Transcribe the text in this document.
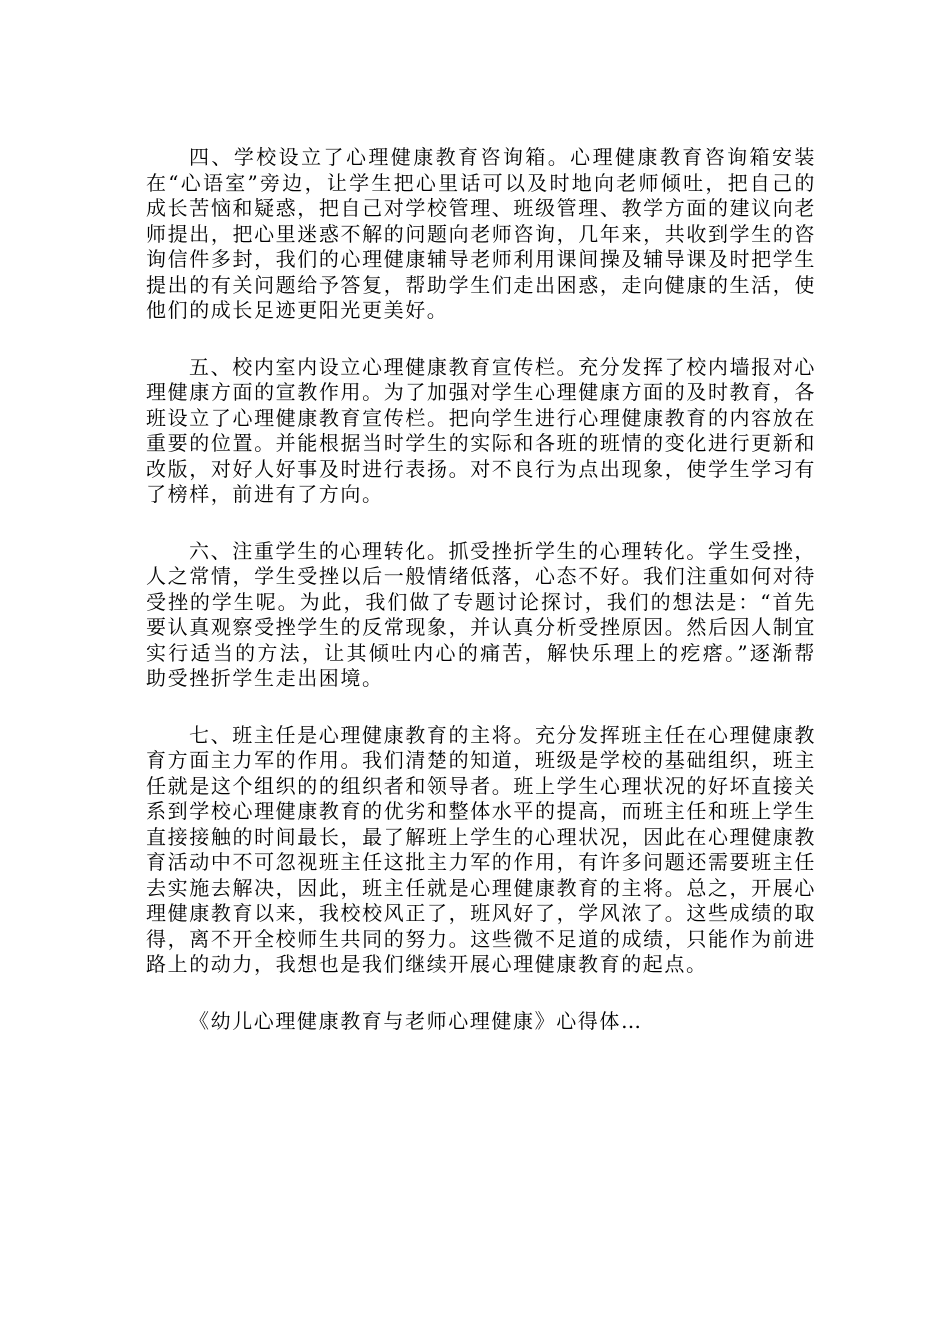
四、学校设立了心理健康教育咨询箱。心理健康教育咨询箱安装在“心语室”旁边，让学生把心里话可以及时地向老师倾吐，把自己的成长苦恼和疑惑，把自己对学校管理、班级管理、教学方面的建议向老师提出，把心里迷惑不解的问题向老师咨询，几年来，共收到学生的咨询信件多封，我们的心理健康辅导老师利用课间操及辅导课及时把学生提出的有关问题给予答复，帮助学生们走出困惑，走向健康的生活，使他们的成长足迹更阳光更美好。

五、校内室内设立心理健康教育宣传栏。充分发挥了校内墙报对心理健康方面的宣教作用。为了加强对学生心理健康方面的及时教育，各班设立了心理健康教育宣传栏。把向学生进行心理健康教育的内容放在重要的位置。并能根据当时学生的实际和各班的班情的变化进行更新和改版，对好人好事及时进行表扬。对不良行为点出现象，使学生学习有了榜样，前进有了方向。

六、注重学生的心理转化。抓受挫折学生的心理转化。学生受挫，人之常情，学生受挫以后一般情绪低落，心态不好。我们注重如何对待受挫的学生呢。为此，我们做了专题讨论探讨，我们的想法是：“首先要认真观察受挫学生的反常现象，并认真分析受挫原因。然后因人制宜实行适当的方法，让其倾吐内心的痛苦，解快乐理上的疙瘩。”逐渐帮助受挫折学生走出困境。

七、班主任是心理健康教育的主将。充分发挥班主任在心理健康教育方面主力军的作用。我们清楚的知道，班级是学校的基础组织，班主任就是这个组织的的组织者和领导者。班上学生心理状况的好坏直接关系到学校心理健康教育的优劣和整体水平的提高，而班主任和班上学生直接接触的时间最长，最了解班上学生的心理状况，因此在心理健康教育活动中不可忽视班主任这批主力军的作用，有许多问题还需要班主任去实施去解决，因此，班主任就是心理健康教育的主将。总之，开展心理健康教育以来，我校校风正了，班风好了，学风浓了。这些成绩的取得，离不开全校师生共同的努力。这些微不足道的成绩，只能作为前进路上的动力，我想也是我们继续开展心理健康教育的起点。

《幼儿心理健康教育与老师心理健康》心得体…
